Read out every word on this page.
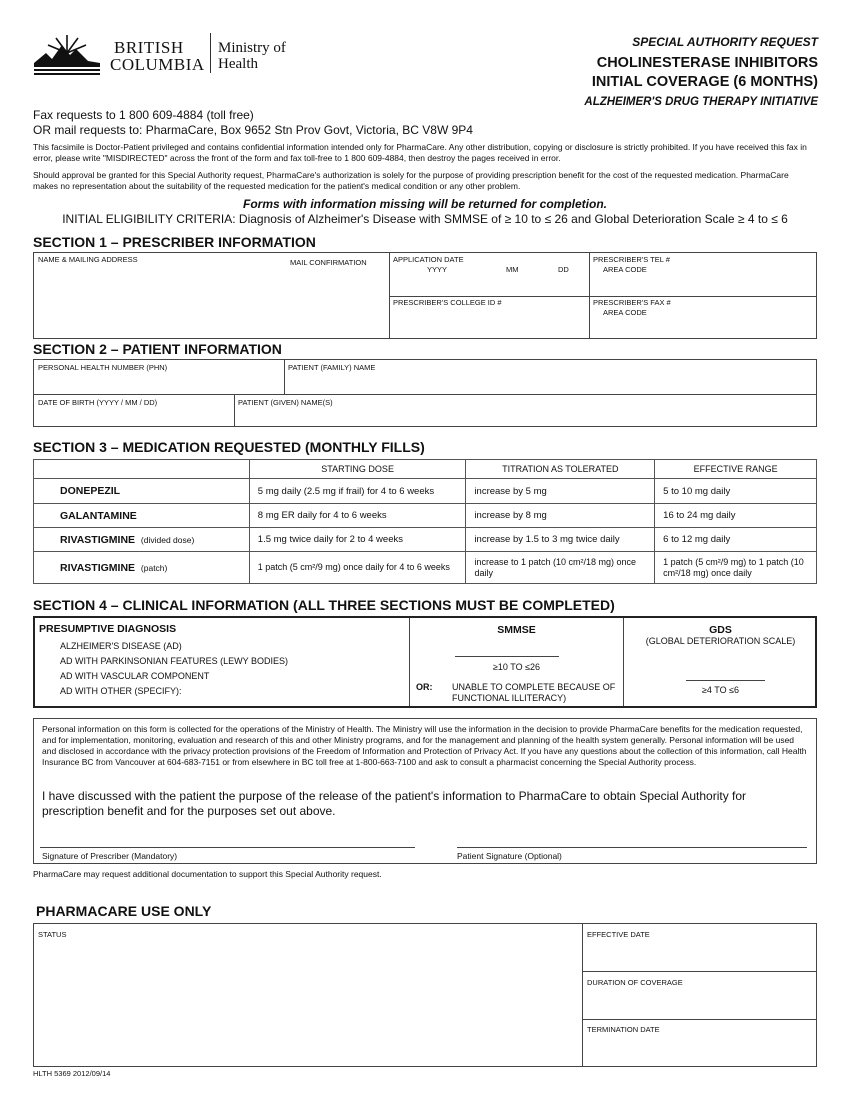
BRITISH
COLUMBIA
Ministry of
Health
SPECIAL AUTHORITY REQUEST
CHOLINESTERASE INHIBITORS
INITIAL COVERAGE (6 MONTHS)
ALZHEIMER'S DRUG THERAPY INITIATIVE
Fax requests to 1 800 609-4884 (toll free)
OR mail requests to: PharmaCare, Box 9652 Stn Prov Govt, Victoria, BC V8W 9P4
This facsimile is Doctor-Patient privileged and contains confidential information intended only for PharmaCare. Any other distribution, copying or disclosure is strictly prohibited. If you have received this fax in error, please write "MISDIRECTED" across the front of the form and fax toll-free to 1 800 609-4884, then destroy the pages received in error.
Should approval be granted for this Special Authority request, PharmaCare's authorization is solely for the purpose of providing prescription benefit for the cost of the requested medication. PharmaCare makes no representation about the suitability of the requested medication for the patient's medical condition or any other problem.
Forms with information missing will be returned for completion.
INITIAL ELIGIBILITY CRITERIA: Diagnosis of Alzheimer's Disease with SMMSE of ≥ 10 to ≤ 26 and Global Deterioration Scale ≥ 4 to ≤ 6
SECTION 1 – PRESCRIBER INFORMATION
NAME & MAILING ADDRESS	MAIL CONFIRMATION	APPLICATION DATE
YYYY	MM	DD
PRESCRIBER'S TEL #
AREA CODE
PRESCRIBER'S COLLEGE ID #	PRESCRIBER'S FAX #
AREA CODE
SECTION 2 – PATIENT INFORMATION
PERSONAL HEALTH NUMBER (PHN)	PATIENT (FAMILY) NAME
DATE OF BIRTH (YYYY / MM / DD)	PATIENT (GIVEN) NAME(S)
SECTION 3 – MEDICATION REQUESTED (MONTHLY FILLS)
	STARTING DOSE	TITRATION AS TOLERATED	EFFECTIVE RANGE
DONEPEZIL	5 mg daily (2.5 mg if frail) for 4 to 6 weeks	increase by 5 mg	5 to 10 mg daily
GALANTAMINE	8 mg ER daily for 4 to 6 weeks	increase by 8 mg	16 to 24 mg daily
RIVASTIGMINE (divided dose)	1.5 mg twice daily for 2 to 4 weeks	increase by 1.5 to 3 mg twice daily	6 to 12 mg daily
RIVASTIGMINE (patch)	1 patch (5 cm²/9 mg) once daily for 4 to 6 weeks	increase to 1 patch (10 cm²/18 mg) once daily	1 patch (5 cm²/9 mg) to 1 patch (10 cm²/18 mg) once daily
SECTION 4 – CLINICAL INFORMATION (ALL THREE SECTIONS MUST BE COMPLETED)
PRESUMPTIVE DIAGNOSIS
ALZHEIMER'S DISEASE (AD)
AD WITH PARKINSONIAN FEATURES (LEWY BODIES)
AD WITH VASCULAR COMPONENT
AD WITH OTHER (SPECIFY):
SMMSE
≥10 TO ≤26
OR: UNABLE TO COMPLETE BECAUSE OF FUNCTIONAL ILLITERACY)
GDS
(GLOBAL DETERIORATION SCALE)
≥4 TO ≤6
Personal information on this form is collected for the operations of the Ministry of Health. The Ministry will use the information in the decision to provide PharmaCare benefits for the medication requested, and for implementation, monitoring, evaluation and research of this and other Ministry programs, and for the management and planning of the health system generally. Personal information will be used and disclosed in accordance with the privacy protection provisions of the Freedom of Information and Protection of Privacy Act. If you have any questions about the collection of this information, call Health Insurance BC from Vancouver at 604-683-7151 or from elsewhere in BC toll free at 1-800-663-7100 and ask to consult a pharmacist concerning the Special Authority process.
I have discussed with the patient the purpose of the release of the patient's information to PharmaCare to obtain Special Authority for prescription benefit and for the purposes set out above.
Signature of Prescriber (Mandatory)	Patient Signature (Optional)
PharmaCare may request additional documentation to support this Special Authority request.
PHARMACARE USE ONLY
STATUS	EFFECTIVE DATE
DURATION OF COVERAGE
TERMINATION DATE
HLTH 5369 2012/09/14
